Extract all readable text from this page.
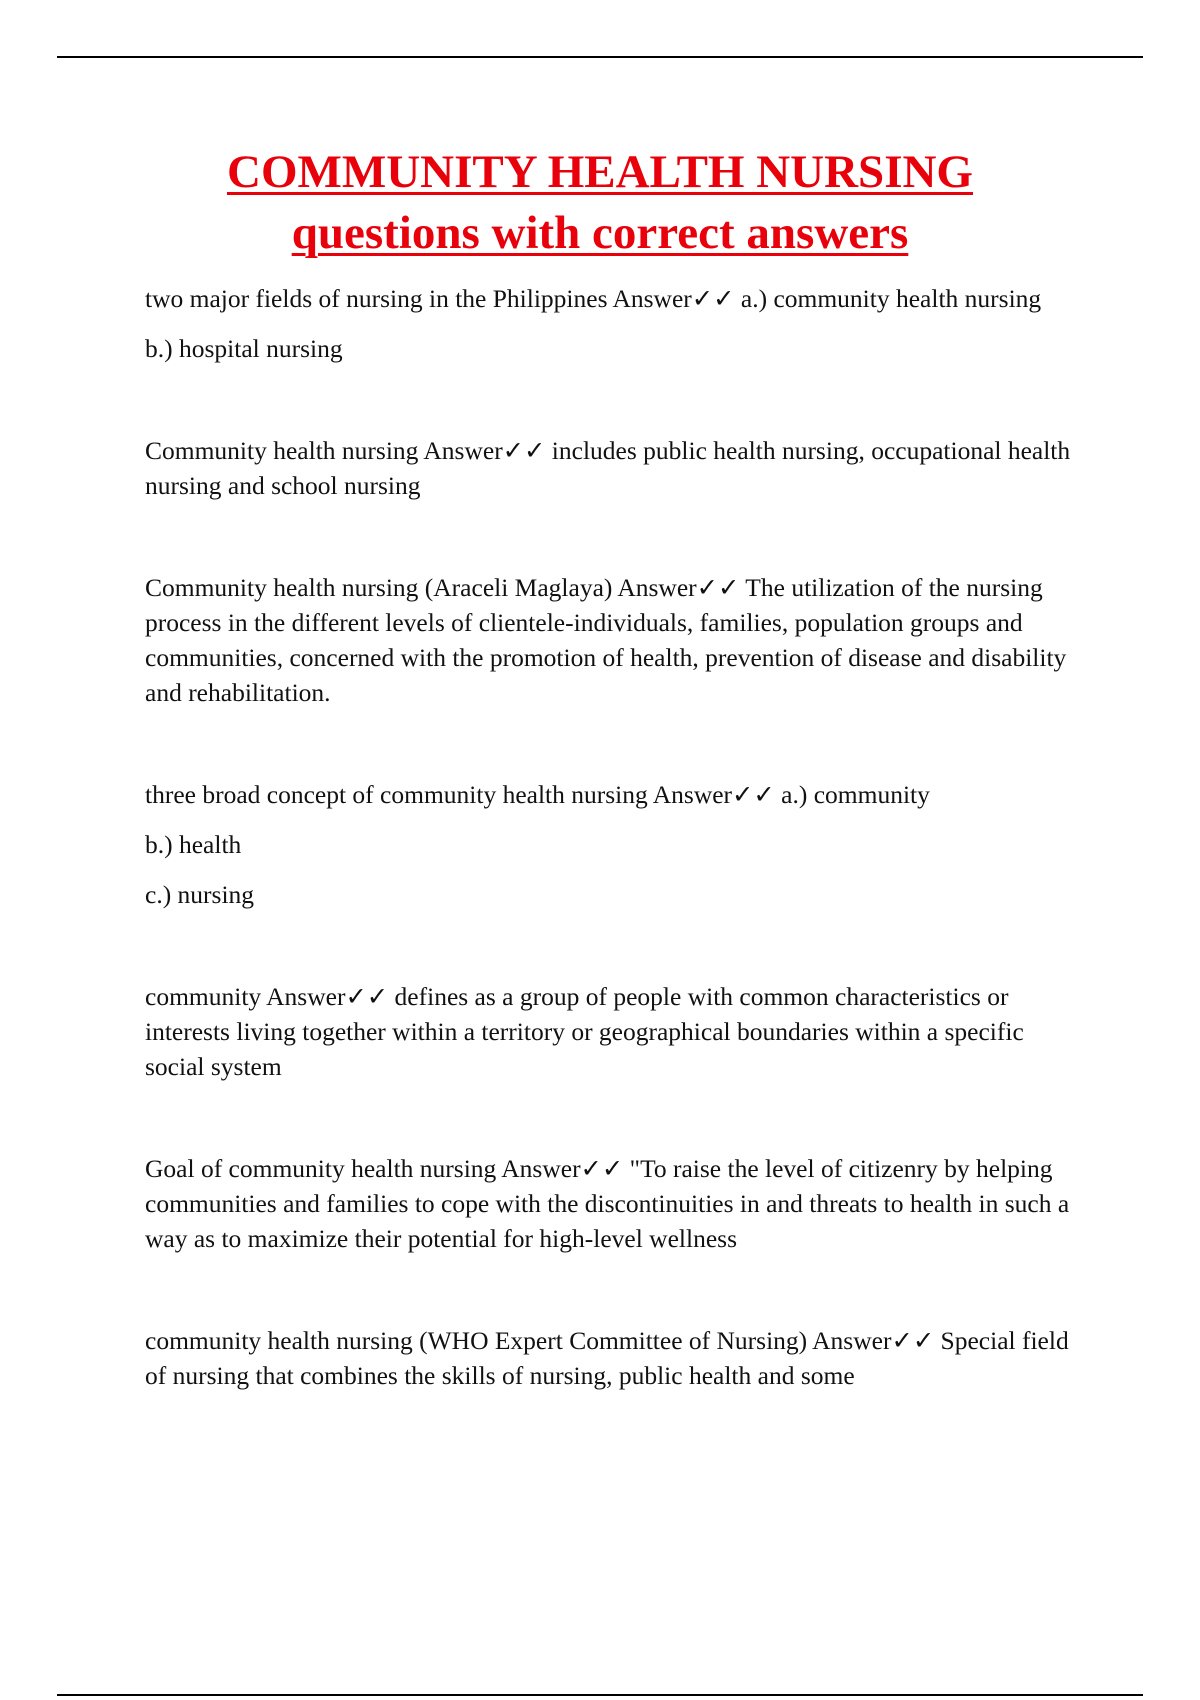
COMMUNITY HEALTH NURSING
questions with correct answers

two major fields of nursing in the Philippines Answer✓✓ a.) community health nursing

b.) hospital nursing

Community health nursing Answer✓✓ includes public health nursing, occupational health nursing and school nursing

Community health nursing (Araceli Maglaya) Answer✓✓ The utilization of the nursing process in the different levels of clientele-individuals, families, population groups and communities, concerned with the promotion of health, prevention of disease and disability and rehabilitation.

three broad concept of community health nursing Answer✓✓ a.) community

b.) health

c.) nursing

community Answer✓✓ defines as a group of people with common characteristics or interests living together within a territory or geographical boundaries within a specific social system

Goal of community health nursing Answer✓✓ "To raise the level of citizenry by helping communities and families to cope with the discontinuities in and threats to health in such a way as to maximize their potential for high-level wellness

community health nursing (WHO Expert Committee of Nursing) Answer✓✓ Special field of nursing that combines the skills of nursing, public health and some
